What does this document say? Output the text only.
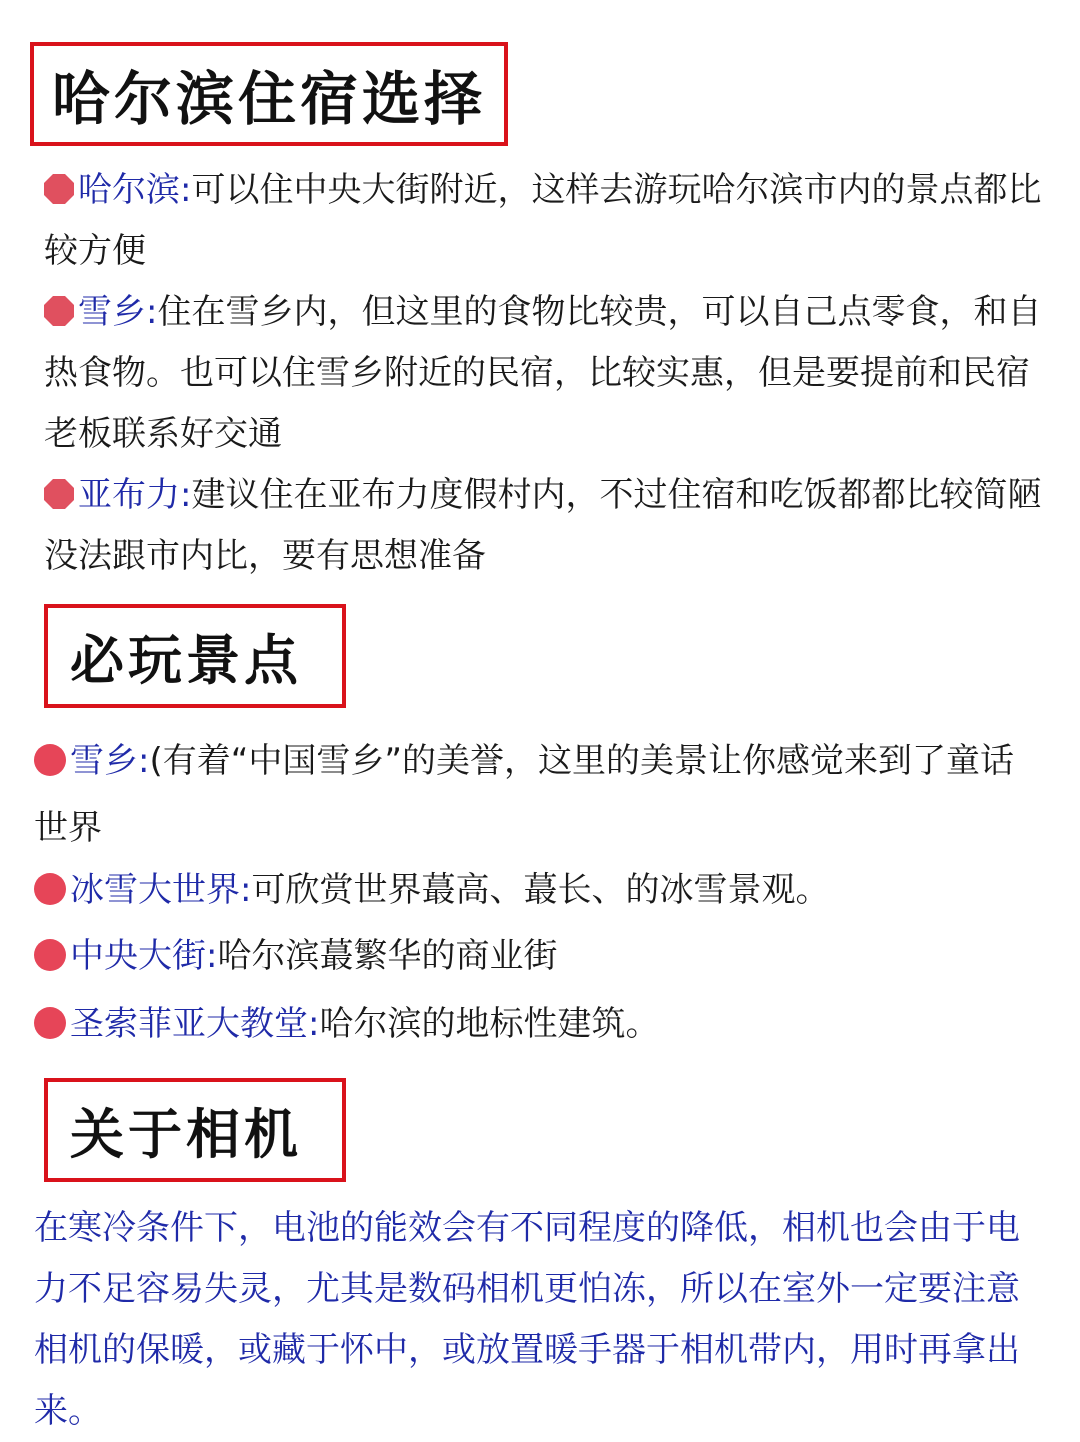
哈尔滨住宿选择

哈尔滨:可以住中央大街附近，这样去游玩哈尔滨市内的景点都比较方便

雪乡:住在雪乡内，但这里的食物比较贵，可以自己点零食，和自热食物。也可以住雪乡附近的民宿，比较实惠，但是要提前和民宿老板联系好交通

亚布力:建议住在亚布力度假村内，不过住宿和吃饭都都比较简陋没法跟市内比，要有思想准备

必玩景点

雪乡:(有着“中国雪乡”的美誉，这里的美景让你感觉来到了童话世界

冰雪大世界:可欣赏世界蕞高、蕞长、的冰雪景观。

中央大街:哈尔滨蕞繁华的商业街

圣索菲亚大教堂:哈尔滨的地标性建筑。

关于相机

在寒冷条件下，电池的能效会有不同程度的降低，相机也会由于电力不足容易失灵，尤其是数码相机更怕冻，所以在室外一定要注意相机的保暖，或藏于怀中，或放置暖手器于相机带内，用时再拿出来。
